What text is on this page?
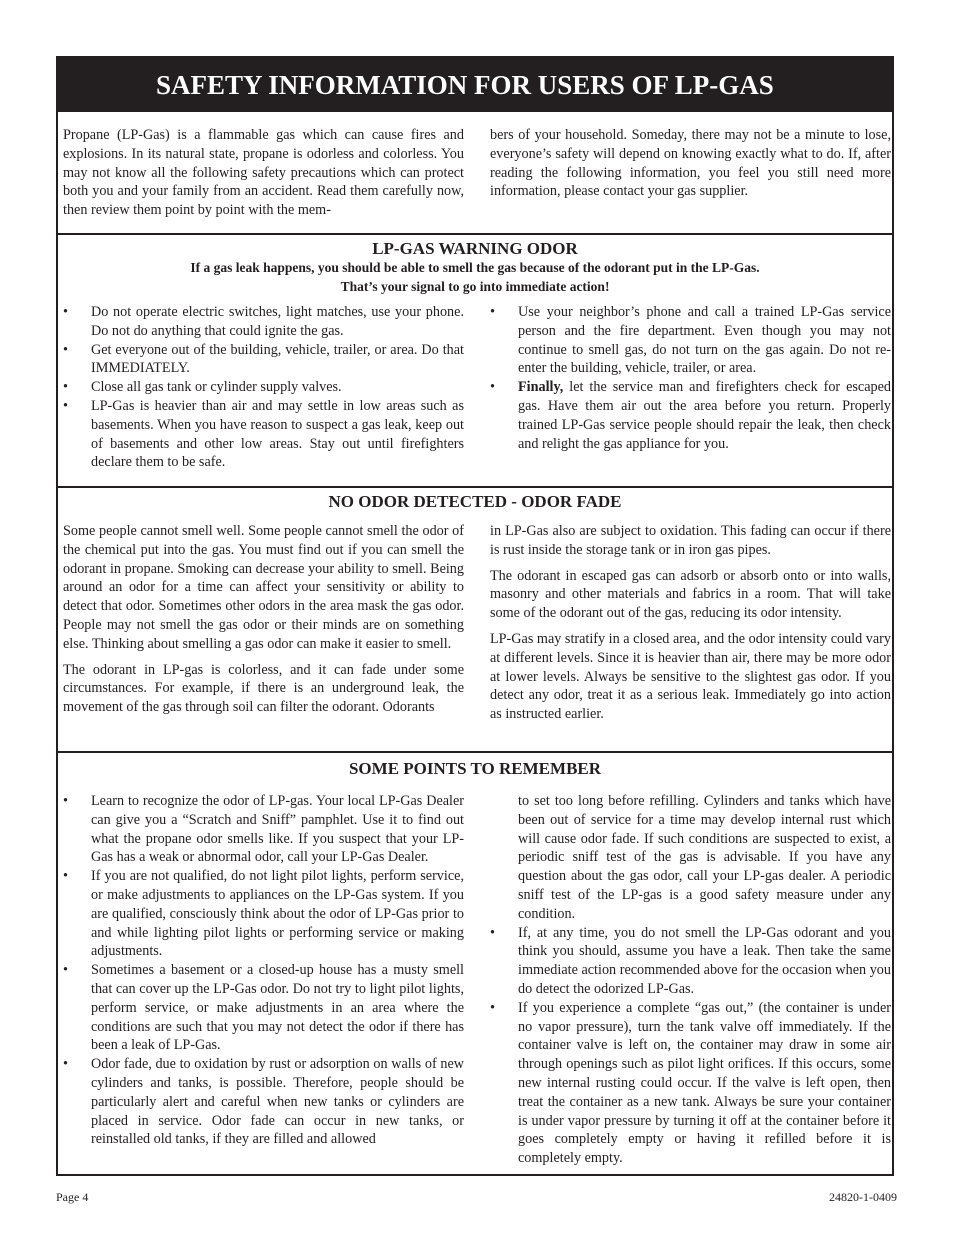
SAFETY INFORMATION FOR USERS OF LP-GAS
Propane (LP-Gas) is a flammable gas which can cause fires and explosions. In its natural state, propane is odorless and colorless. You may not know all the following safety precautions which can protect both you and your family from an accident. Read them carefully now, then review them point by point with the mem-
bers of your household. Someday, there may not be a minute to lose, everyone’s safety will depend on knowing exactly what to do. If, after reading the following information, you feel you still need more information, please contact your gas supplier.
LP-GAS WARNING ODOR
If a gas leak happens, you should be able to smell the gas because of the odorant put in the LP-Gas.
That’s your signal to go into immediate action!
• Do not operate electric switches, light matches, use your phone. Do not do anything that could ignite the gas.
• Get everyone out of the building, vehicle, trailer, or area. Do that IMMEDIATELY.
• Close all gas tank or cylinder supply valves.
• LP-Gas is heavier than air and may settle in low areas such as basements. When you have reason to suspect a gas leak, keep out of basements and other low areas. Stay out until firefighters declare them to be safe.
• Use your neighbor’s phone and call a trained LP-Gas service person and the fire department. Even though you may not continue to smell gas, do not turn on the gas again. Do not re-enter the building, vehicle, trailer, or area.
• Finally, let the service man and firefighters check for escaped gas. Have them air out the area before you return. Properly trained LP-Gas service people should repair the leak, then check and relight the gas appliance for you.
NO ODOR DETECTED - ODOR FADE

Some people cannot smell well. Some people cannot smell the odor of the chemical put into the gas. You must find out if you can smell the odorant in propane. Smoking can decrease your ability to smell. Being around an odor for a time can affect your sensitivity or ability to detect that odor. Sometimes other odors in the area mask the gas odor. People may not smell the gas odor or their minds are on something else. Thinking about smelling a gas odor can make it easier to smell.

The odorant in LP-gas is colorless, and it can fade under some circumstances. For example, if there is an underground leak, the movement of the gas through soil can filter the odorant. Odorants

in LP-Gas also are subject to oxidation. This fading can occur if there is rust inside the storage tank or in iron gas pipes.

The odorant in escaped gas can adsorb or absorb onto or into walls, masonry and other materials and fabrics in a room. That will take some of the odorant out of the gas, reducing its odor intensity.

LP-Gas may stratify in a closed area, and the odor intensity could vary at different levels. Since it is heavier than air, there may be more odor at lower levels. Always be sensitive to the slightest gas odor. If you detect any odor, treat it as a serious leak. Immediately go into action as instructed earlier.

SOME POINTS TO REMEMBER
• Learn to recognize the odor of LP-gas. Your local LP-Gas Dealer can give you a “Scratch and Sniff” pamphlet. Use it to find out what the propane odor smells like. If you suspect that your LP-Gas has a weak or abnormal odor, call your LP-Gas Dealer.
• If you are not qualified, do not light pilot lights, perform service, or make adjustments to appliances on the LP-Gas system. If you are qualified, consciously think about the odor of LP-Gas prior to and while lighting pilot lights or performing service or making adjustments.
• Sometimes a basement or a closed-up house has a musty smell that can cover up the LP-Gas odor. Do not try to light pilot lights, perform service, or make adjustments in an area where the conditions are such that you may not detect the odor if there has been a leak of LP-Gas.
• Odor fade, due to oxidation by rust or adsorption on walls of new cylinders and tanks, is possible. Therefore, people should be particularly alert and careful when new tanks or cylinders are placed in service. Odor fade can occur in new tanks, or reinstalled old tanks, if they are filled and allowed
to set too long before refilling. Cylinders and tanks which have been out of service for a time may develop internal rust which will cause odor fade. If such conditions are suspected to exist, a periodic sniff test of the gas is advisable. If you have any question about the gas odor, call your LP-gas dealer. A periodic sniff test of the LP-gas is a good safety measure under any condition.
• If, at any time, you do not smell the LP-Gas odorant and you think you should, assume you have a leak. Then take the same immediate action recommended above for the occasion when you do detect the odorized LP-Gas.
• If you experience a complete “gas out,” (the container is under no vapor pressure), turn the tank valve off immediately. If the container valve is left on, the container may draw in some air through openings such as pilot light orifices. If this occurs, some new internal rusting could occur. If the valve is left open, then treat the container as a new tank. Always be sure your container is under vapor pressure by turning it off at the container before it goes completely empty or having it refilled before it is completely empty.
Page 4	24820-1-0409
